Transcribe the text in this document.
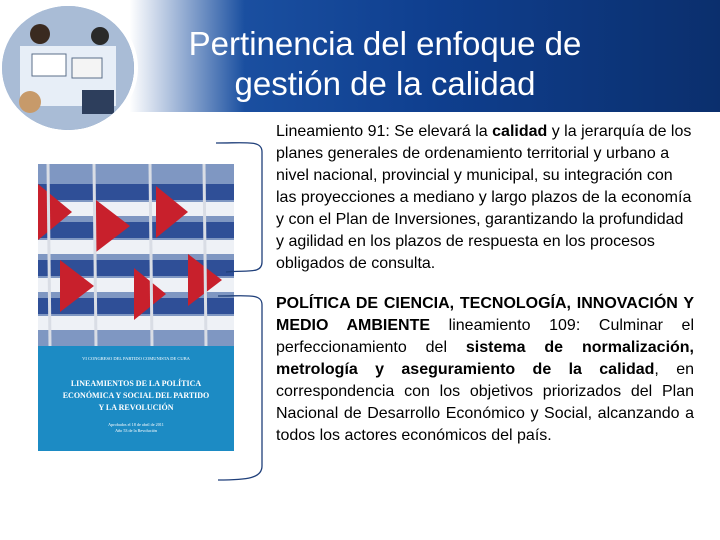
Pertinencia del enfoque de
gestión de la calidad
VI CONGRESO DEL PARTIDO COMUNISTA DE CUBA
LINEAMIENTOS DE LA POLÍTICA
ECONÓMICA Y SOCIAL DEL PARTIDO
Y LA REVOLUCIÓN
Aprobados el 18 de abril de 2011
Año 53 de la Revolución
Lineamiento 91: Se elevará la calidad y la jerarquía de los planes generales de ordenamiento territorial y urbano a nivel nacional, provincial y municipal, su integración con las proyecciones a mediano y largo plazos de la economía y con el Plan de Inversiones, garantizando la profundidad y agilidad en los plazos de respuesta en los procesos obligados de consulta.
POLÍTICA DE CIENCIA, TECNOLOGÍA, INNOVACIÓN Y MEDIO AMBIENTE lineamiento 109: Culminar el perfeccionamiento del sistema de normalización, metrología y aseguramiento de la calidad, en correspondencia con los objetivos priorizados del Plan Nacional de Desarrollo Económico y Social, alcanzando a todos los actores económicos del país.
